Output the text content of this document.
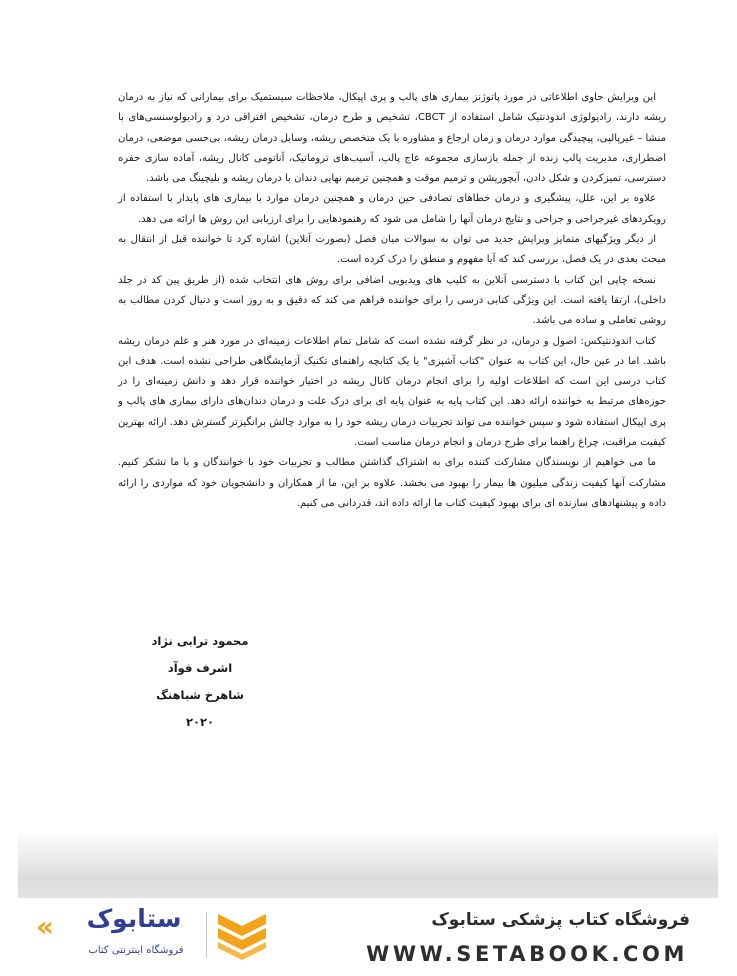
این ویرایش حاوی اطلاعاتی در مورد پاتوژنز بیماری های پالپ و پری اپیکال، ملاحظات سیستمیک برای بیمارانی که نیاز به درمان ریشه دارند، رادیولوژی اندودنتیک شامل استفاده از CBCT، تشخیص و طرح درمان، تشخیص افتراقی درد و رادیولوسنسی‌های با منشا – غیرپالپی، پیچیدگی موارد درمان و زمان ارجاع و مشاوره با یک متخصص ریشه، وسایل درمان ریشه، بی‌حسی موضعی، درمان اضطراری، مدیریت پالپ زنده از جمله بازسازی مجموعه عاج پالپ، آسیب‌های تروماتیک، آناتومی کانال ریشه، آماده سازی حفره دسترسی، تمیزکردن و شکل دادن، آبچوریشن و ترمیم موقت و همچنین ترمیم نهایی دندان با درمان ریشه و بلیچینگ می باشد.

علاوه بر این، علل، پیشگیری و درمان خطاهای تصادفی حین درمان و همچنین درمان موارد با بیماری های پایدار با استفاده از رویکردهای غیرجراحی و جراحی و نتایج درمان آنها را شامل می شود که رهنمودهایی را برای ارزیابی این روش ها ارائه می دهد.

از دیگر ویژگیهای متمایز ویرایش جدید می توان به سوالات میان فصل (بصورت آنلاین) اشاره کرد تا خواننده قبل از انتقال به مبحث بعدی در یک فصل، بررسی کند که آیا مفهوم و منطق را درک کرده است.

نسخه چاپی این کتاب با دسترسی آنلاین به کلیپ های ویدیویی اضافی برای روش های انتخاب شده (از طریق پین کد در جلد داخلی)، ارتقا یافته است. این ویژگی کتابی درسی را برای خواننده فراهم می کند که دقیق و به روز است و دنبال کردن مطالب به روشی تعاملی و ساده می باشد.

کتاب اندودنتیکس: اصول و درمان، در نظر گرفته نشده است که شامل تمام اطلاعات زمینه‌ای در مورد هنر و علم درمان ریشه باشد. اما در عین حال، این کتاب به عنوان "کتاب آشپزی" یا یک کتابچه راهنمای تکنیک آزمایشگاهی طراحی نشده است. هدف این کتاب درسی این است که اطلاعات اولیه را برای انجام درمان کانال ریشه در اختیار خواننده قرار دهد و دانش زمینه‌ای را در حوزه‌های مرتبط به خواننده ارائه دهد. این کتاب پایه به عنوان پایه ای برای درک علت و درمان دندان‌های دارای بیماری های پالپ و پری اپیکال استفاده شود و سپس خواننده می تواند تجربیات درمان ریشه خود را به موارد چالش برانگیزتر گسترش دهد. ارائه بهترین کیفیت مراقبت، چراغ راهنما برای طرح درمان و انجام درمان مناسب است.

ما می خواهیم از نویسندگان مشارکت کننده برای به اشتراک گذاشتن مطالب و تجربیات خود با خوانندگان و با ما تشکر کنیم. مشارکت آنها کیفیت زندگی میلیون ها بیمار را بهبود می بخشد. علاوه بر این، ما از همکاران و دانشجویان خود که مواردی را ارائه داده و پیشنهادهای سازنده ای برای بهبود کیفیت کتاب ما ارائه داده اند، قدردانی می کنیم.

محمود ترابی نژاد
اشرف فوآد
شاهرخ شباهنگ
۲۰۲۰
فروشگاه کتاب پزشکی ستابوک
WWW.SETABOOK.COM
ستابوک
«
فروشگاه اینترنتی کتاب
